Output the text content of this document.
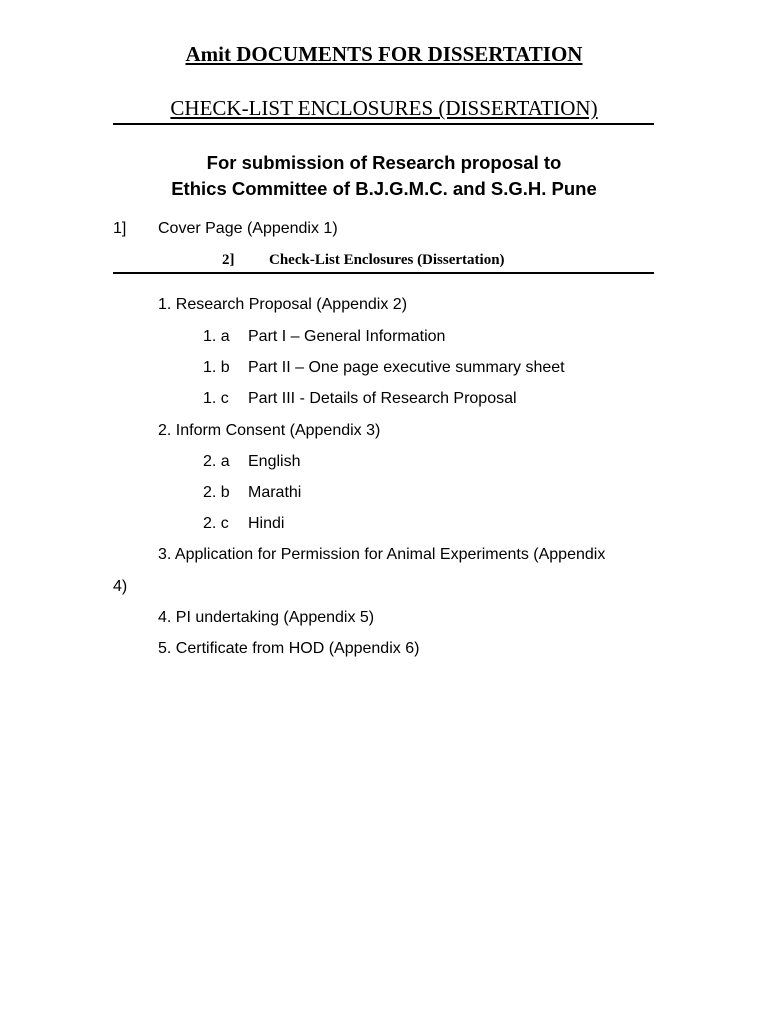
Amit DOCUMENTS FOR DISSERTATION
CHECK-LIST ENCLOSURES (DISSERTATION)
For submission of Research proposal to
Ethics Committee of B.J.G.M.C. and S.G.H. Pune
1] Cover Page (Appendix 1)
2] Check-List Enclosures (Dissertation)
1. Research Proposal (Appendix 2)
1. a Part I – General Information
1. b Part II – One page executive summary sheet
1. c Part III - Details of Research Proposal
2. Inform Consent (Appendix 3)
2. a English
2. b Marathi
2. c Hindi
3. Application for Permission for Animal Experiments (Appendix
4)
4. PI undertaking (Appendix 5)
5. Certificate from HOD (Appendix 6)
